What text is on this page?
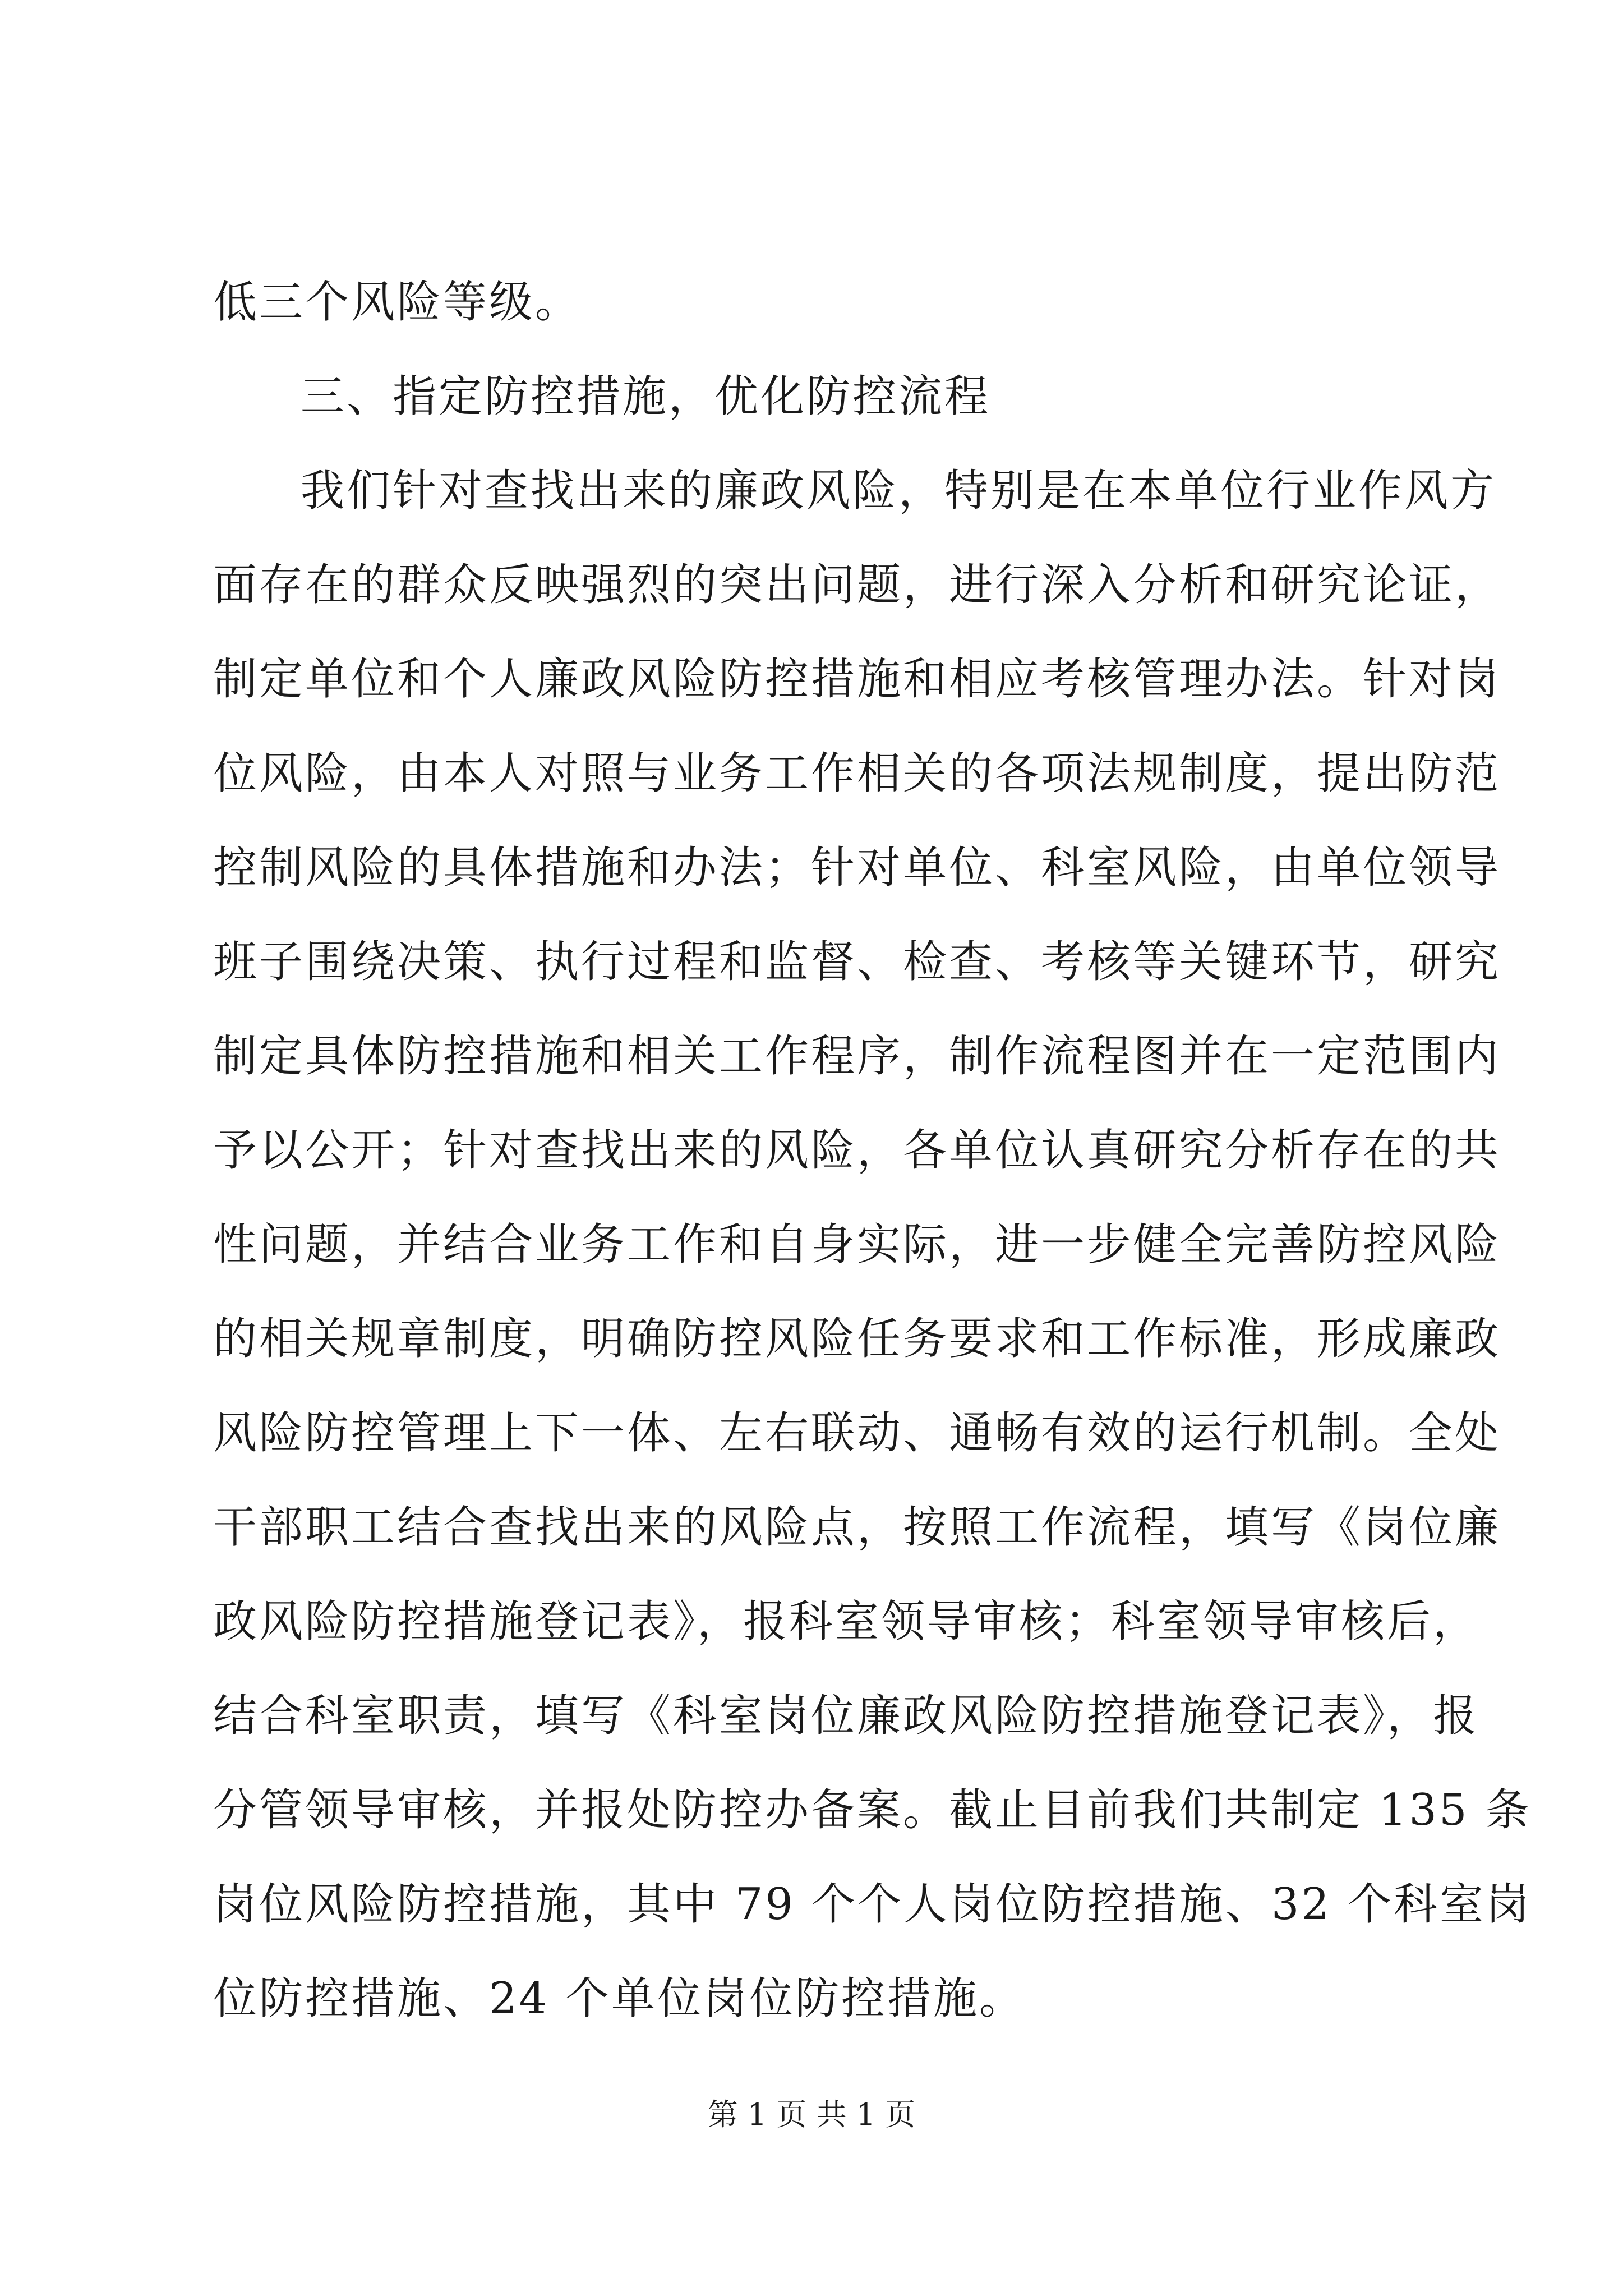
低三个风险等级。
三、指定防控措施，优化防控流程
我们针对查找出来的廉政风险，特别是在本单位行业作风方
面存在的群众反映强烈的突出问题，进行深入分析和研究论证，
制定单位和个人廉政风险防控措施和相应考核管理办法。针对岗
位风险，由本人对照与业务工作相关的各项法规制度，提出防范
控制风险的具体措施和办法；针对单位、科室风险，由单位领导
班子围绕决策、执行过程和监督、检查、考核等关键环节，研究
制定具体防控措施和相关工作程序，制作流程图并在一定范围内
予以公开；针对查找出来的风险，各单位认真研究分析存在的共
性问题，并结合业务工作和自身实际，进一步健全完善防控风险
的相关规章制度，明确防控风险任务要求和工作标准，形成廉政
风险防控管理上下一体、左右联动、通畅有效的运行机制。全处
干部职工结合查找出来的风险点，按照工作流程，填写《岗位廉
政风险防控措施登记表》，报科室领导审核；科室领导审核后，
结合科室职责，填写《科室岗位廉政风险防控措施登记表》，报
分管领导审核，并报处防控办备案。截止目前我们共制定 135 条
岗位风险防控措施，其中 79 个个人岗位防控措施、32 个科室岗
位防控措施、24 个单位岗位防控措施。
第 1 页 共 1 页
